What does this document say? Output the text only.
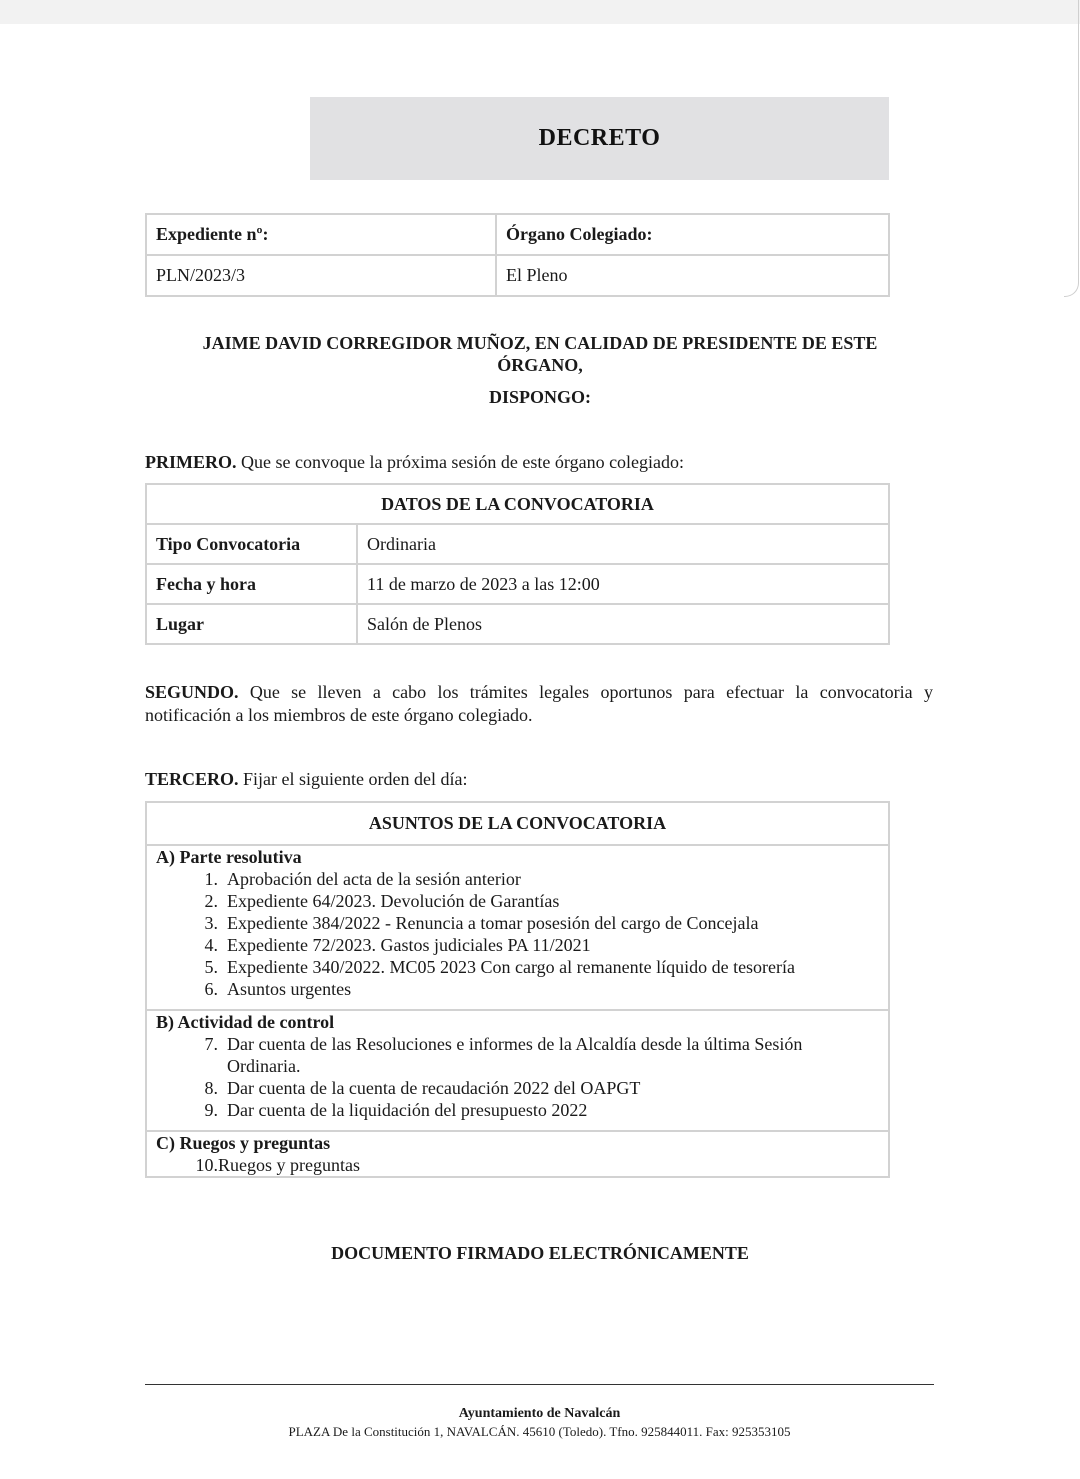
DECRETO
Expediente nº:	Órgano Colegiado:
PLN/2023/3	El Pleno
JAIME DAVID CORREGIDOR MUÑOZ, EN CALIDAD DE PRESIDENTE DE ESTE
ÓRGANO,
DISPONGO:
PRIMERO. Que se convoque la próxima sesión de este órgano colegiado:
DATOS DE LA CONVOCATORIA	
Tipo Convocatoria	Ordinaria
Fecha y hora	11 de marzo de 2023 a las 12:00
Lugar	Salón de Plenos
SEGUNDO. Que se lleven a cabo los trámites legales oportunos para efectuar la convocatoria y
notificación a los miembros de este órgano colegiado.
TERCERO. Fijar el siguiente orden del día:
ASUNTOS DE LA CONVOCATORIA

A) Parte resolutiva
1. Aprobación del acta de la sesión anterior
2. Expediente 64/2023. Devolución de Garantías
3. Expediente 384/2022 - Renuncia a tomar posesión del cargo de Concejala
4. Expediente 72/2023. Gastos judiciales PA 11/2021
5. Expediente 340/2022. MC05 2023 Con cargo al remanente líquido de tesorería
6. Asuntos urgentes

B) Actividad de control
7. Dar cuenta de las Resoluciones e informes de la Alcaldía desde la última Sesión Ordinaria.
8. Dar cuenta de la cuenta de recaudación 2022 del OAPGT
9. Dar cuenta de la liquidación del presupuesto 2022

C) Ruegos y preguntas
10. Ruegos y preguntas
DOCUMENTO FIRMADO ELECTRÓNICAMENTE
Ayuntamiento de Navalcán
PLAZA De la Constitución 1, NAVALCÁN. 45610 (Toledo). Tfno. 925844011. Fax: 925353105
